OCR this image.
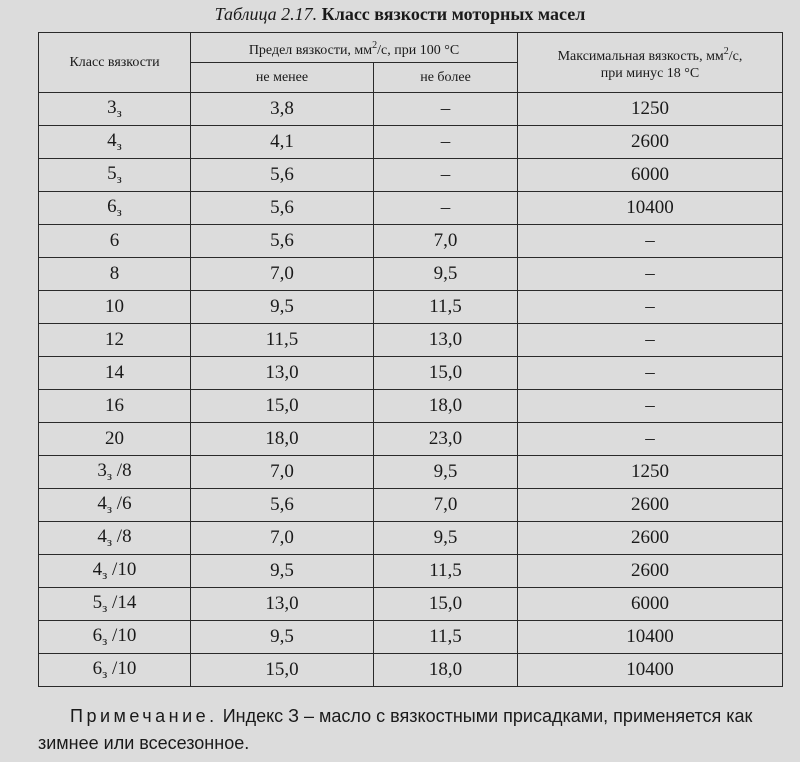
Таблица 2.17. Класс вязкости моторных масел
Класс вязкости	Предел вязкости, $мм^2/с$, при 100 °С		Максимальная вязкость, $мм^2/с$,
при минус 18 °С
	не менее	не более	
$3_з$	3,8	–	1250
$4_з$	4,1	–	2600
$5_з$	5,6	–	6000
$6_з$	5,6	–	10400
6	5,6	7,0	–
8	7,0	9,5	–
10	9,5	11,5	–
12	11,5	13,0	–
14	13,0	15,0	–
16	15,0	18,0	–
20	18,0	23,0	–
$3_з$ /8	7,0	9,5	1250
$4_з$ /6	5,6	7,0	2600
$4_з$ /8	7,0	9,5	2600
$4_з$ /10	9,5	11,5	2600
$5_з$ /14	13,0	15,0	6000
$6_з$ /10	9,5	11,5	10400
$6_з$ /10	15,0	18,0	10400
Примечание. Индекс З – масло с вязкостными присадками, применяется как зимнее или всесезонное.
